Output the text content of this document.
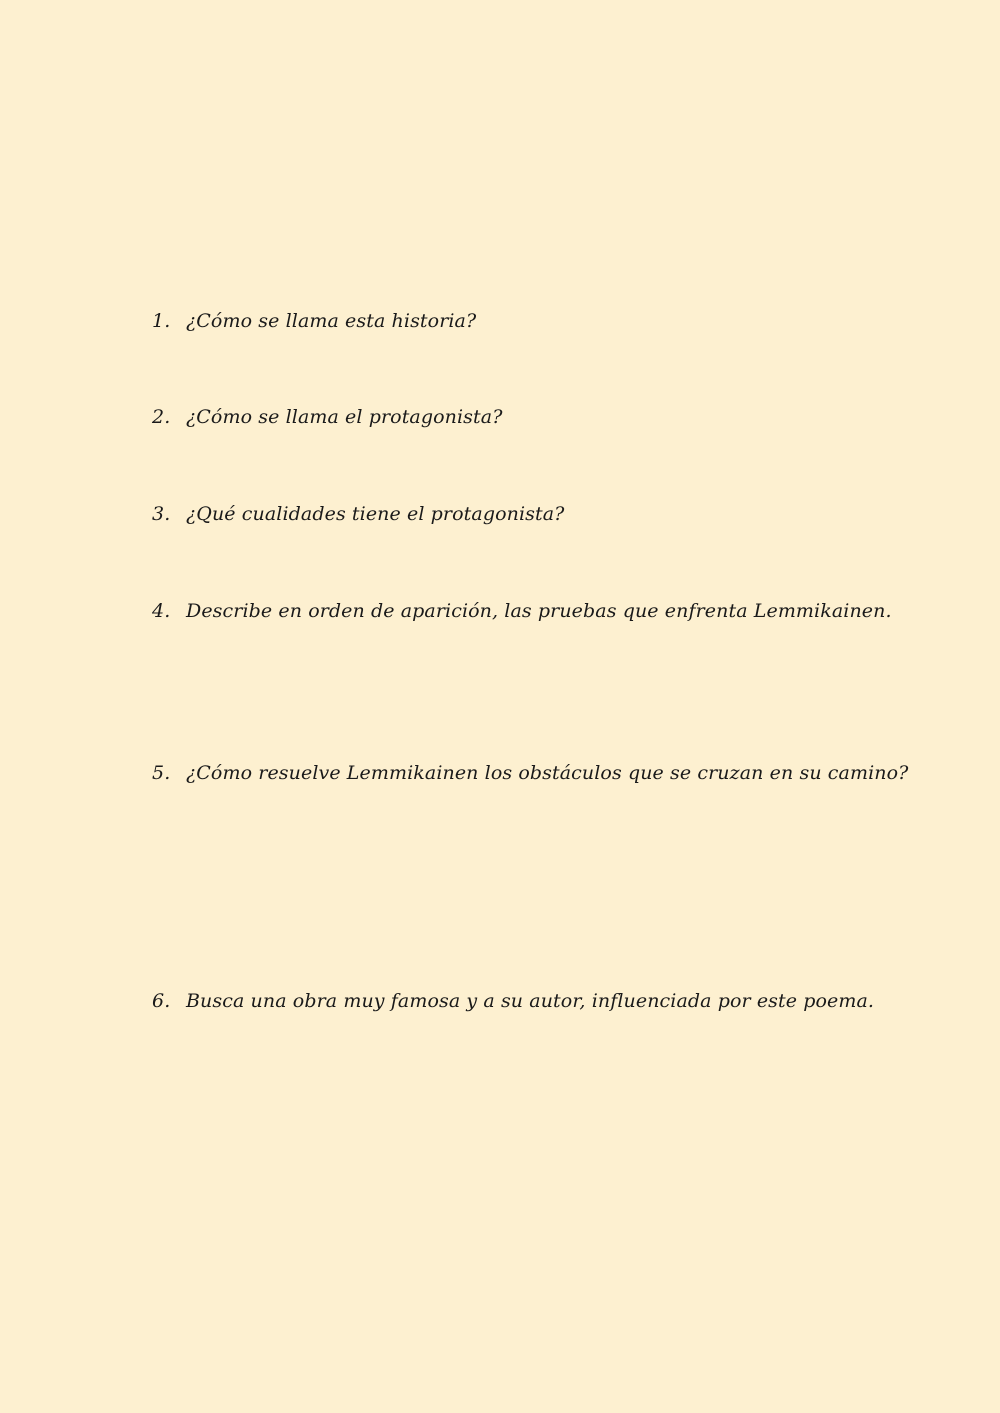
1. ¿Cómo se llama esta historia?
2. ¿Cómo se llama el protagonista?
3. ¿Qué cualidades tiene el protagonista?
4. Describe en orden de aparición, las pruebas que enfrenta Lemmikainen.
5. ¿Cómo resuelve Lemmikainen los obstáculos que se cruzan en su camino?
6. Busca una obra muy famosa y a su autor, influenciada por este poema.
